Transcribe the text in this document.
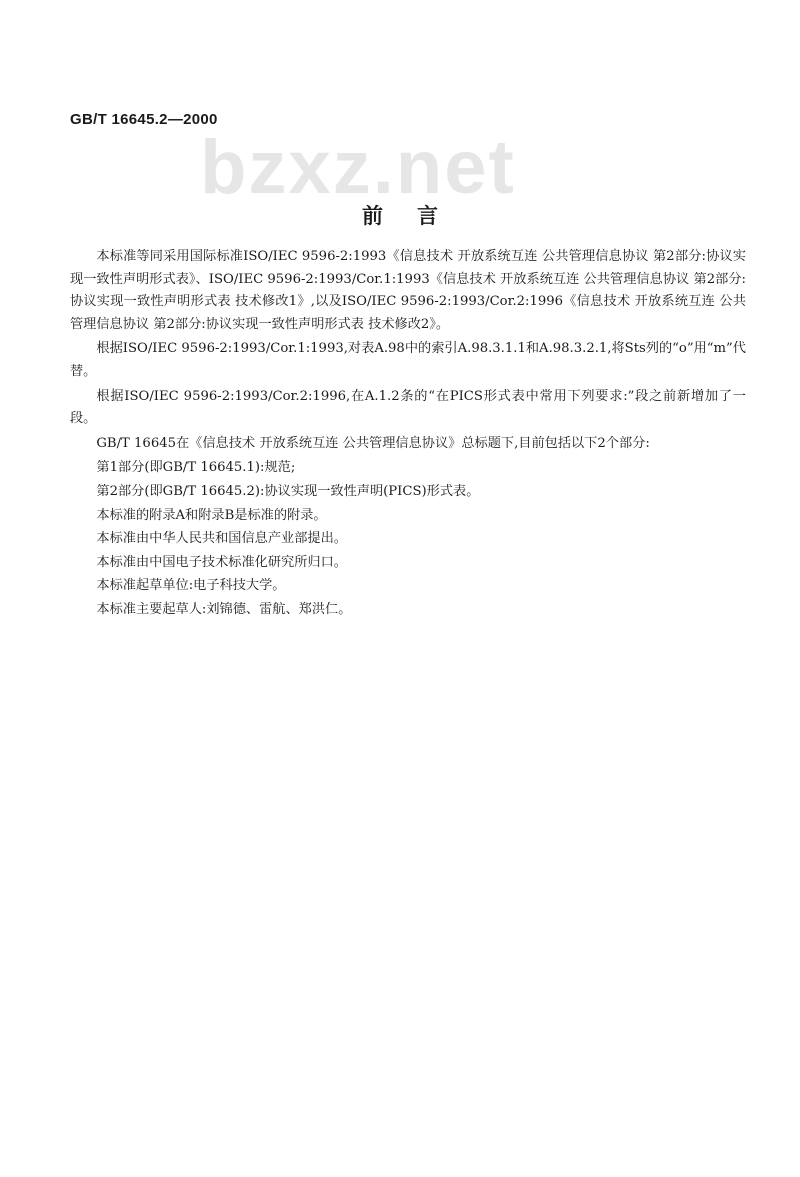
GB/T 16645.2—2000
bzxz.net
前言

本标准等同采用国际标准ISO/IEC 9596-2:1993《信息技术 开放系统互连 公共管理信息协议 第2部分:协议实现一致性声明形式表》、ISO/IEC 9596-2:1993/Cor.1:1993《信息技术 开放系统互连 公共管理信息协议 第2部分:协议实现一致性声明形式表 技术修改1》,以及ISO/IEC 9596-2:1993/Cor.2:1996《信息技术 开放系统互连 公共管理信息协议 第2部分:协议实现一致性声明形式表 技术修改2》。

根据ISO/IEC 9596-2:1993/Cor.1:1993,对表A.98中的索引A.98.3.1.1和A.98.3.2.1,将Sts列的“o”用“m”代替。

根据ISO/IEC 9596-2:1993/Cor.2:1996,在A.1.2条的“在PICS形式表中常用下列要求:”段之前新增加了一段。

GB/T 16645在《信息技术 开放系统互连 公共管理信息协议》总标题下,目前包括以下2个部分:

第1部分(即GB/T 16645.1):规范;

第2部分(即GB/T 16645.2):协议实现一致性声明(PICS)形式表。

本标准的附录A和附录B是标准的附录。

本标准由中华人民共和国信息产业部提出。

本标准由中国电子技术标准化研究所归口。

本标准起草单位:电子科技大学。

本标准主要起草人:刘锦德、雷航、郑洪仁。
